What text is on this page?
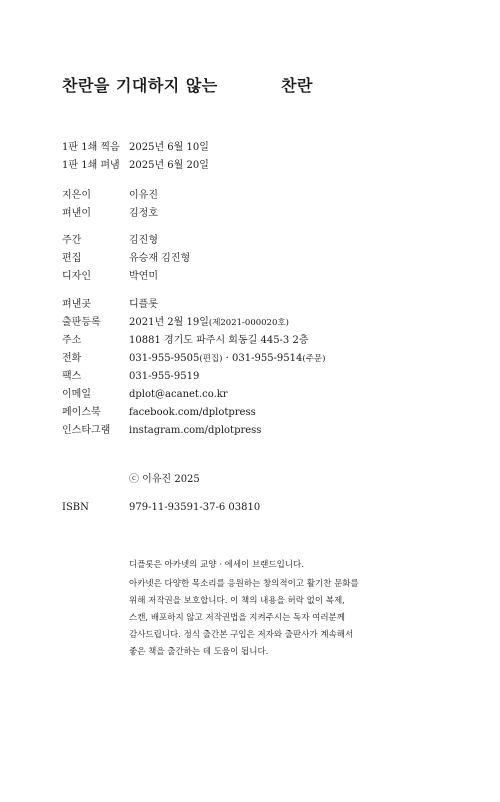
찬란을 기대하지 않는	찬란
1판 1쇄 찍음 2025년 6월 10일
1판 1쇄 펴냄 2025년 6월 20일
지은이	이유진
펴낸이	김정호
주간	김진형
편집	유승재 김진형
디자인	박연미
펴낸곳	디플롯
출판등록	2021년 2월 19일(제2021-000020호)
주소	10881 경기도 파주시 회동길 445-3 2층
전화	031-955-9505(편집) · 031-955-9514(주문)
팩스	031-955-9519
이메일	dplot@acanet.co.kr
페이스북	facebook.com/dplotpress
인스타그램	instagram.com/dplotpress
ⓒ 이유진 2025
ISBN	979-11-93591-37-6 03810

디플롯은 아카넷의 교양 · 에세이 브랜드입니다.

아카넷은 다양한 목소리를 응원하는 창의적이고 활기찬 문화를

위해 저작권을 보호합니다. 이 책의 내용을 허락 없이 복제,

스캔, 배포하지 않고 저작권법을 지켜주시는 독자 여러분께

감사드립니다. 정식 출간본 구입은 저자와 출판사가 계속해서

좋은 책을 출간하는 데 도움이 됩니다.
